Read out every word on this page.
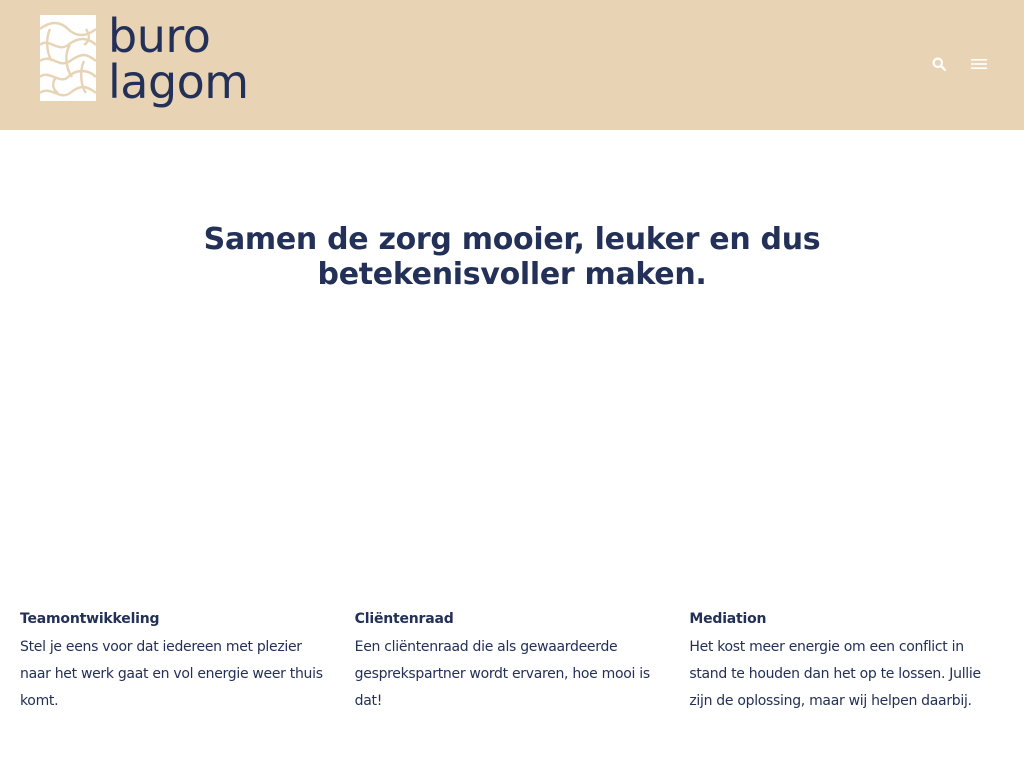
buro
lagom
Samen de zorg mooier, leuker en dus betekenisvoller maken.
Teamontwikkeling

Stel je eens voor dat iedereen met plezier naar het werk gaat en vol energie weer thuis komt.

Cliëntenraad

Een cliëntenraad die als gewaardeerde gesprekspartner wordt ervaren, hoe mooi is dat!

Mediation

Het kost meer energie om een conflict in stand te houden dan het op te lossen. Jullie zijn de oplossing, maar wij helpen daarbij.
